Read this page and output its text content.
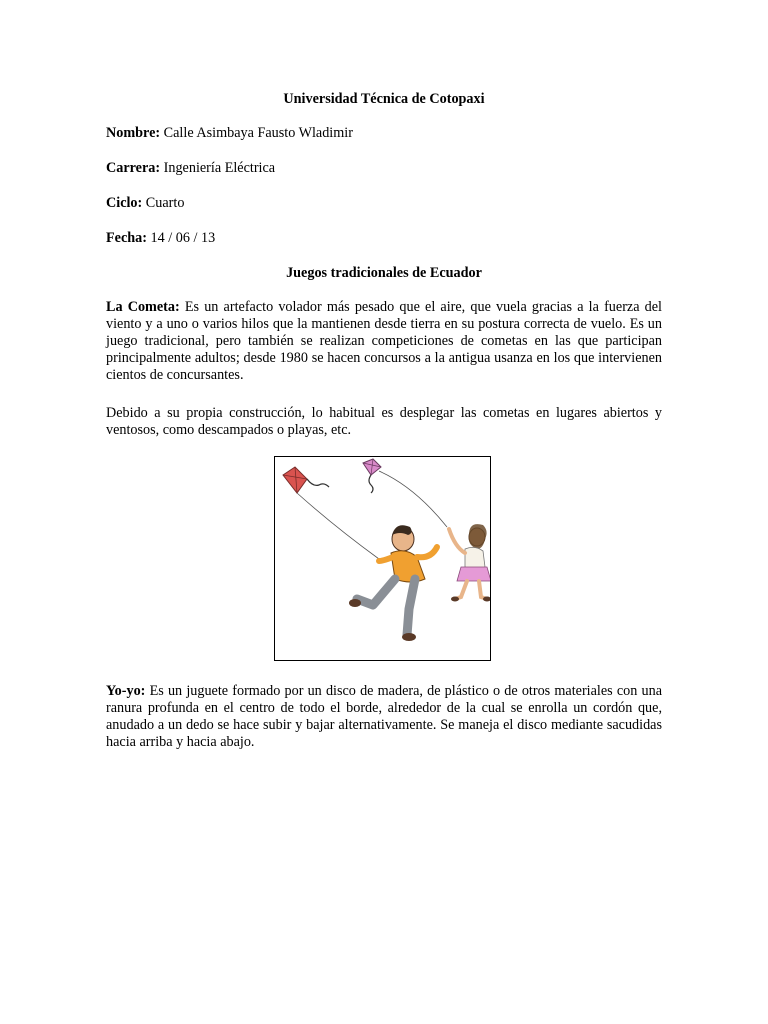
Universidad Técnica de Cotopaxi
Nombre: Calle Asimbaya Fausto Wladimir
Carrera: Ingeniería Eléctrica
Ciclo: Cuarto
Fecha: 14 / 06 / 13
Juegos tradicionales de Ecuador
La Cometa: Es un artefacto volador más pesado que el aire, que vuela gracias a la fuerza del viento y a uno o varios hilos que la mantienen desde tierra en su postura correcta de vuelo. Es un juego tradicional, pero también se realizan competiciones de cometas en las que participan principalmente adultos; desde 1980 se hacen concursos a la antigua usanza en los que intervienen cientos de concursantes.
Debido a su propia construcción, lo habitual es desplegar las cometas en lugares abiertos y ventosos, como descampados o playas, etc.
Yo-yo: Es un juguete formado por un disco de madera, de plástico o de otros materiales con una ranura profunda en el centro de todo el borde, alrededor de la cual se enrolla un cordón que, anudado a un dedo se hace subir y bajar alternativamente. Se maneja el disco mediante sacudidas hacia arriba y hacia abajo.
